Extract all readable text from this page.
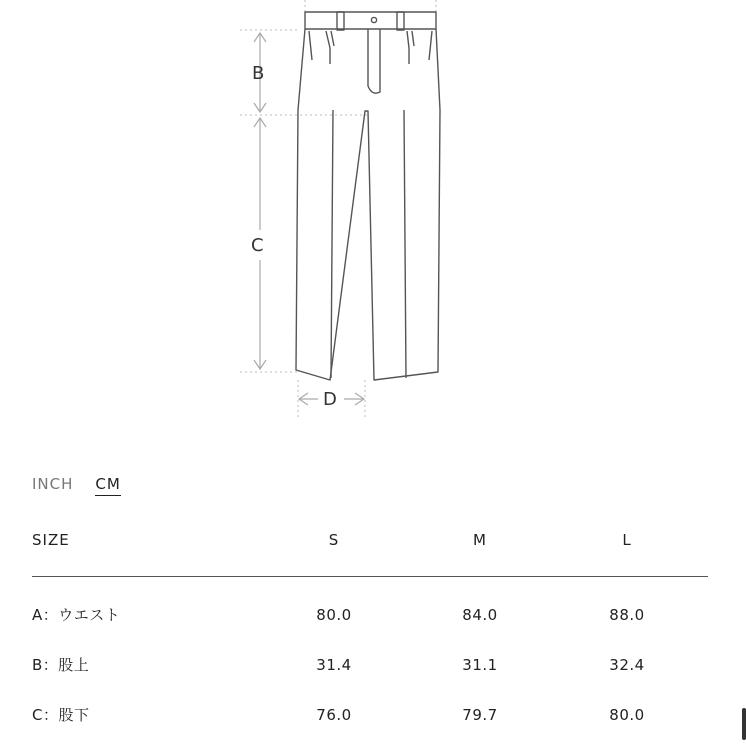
B
C
D
INCH CM
SIZE	S	M	L
A：ウエスト	80.0	84.0	88.0
B：股上	31.4	31.1	32.4
C：股下	76.0	79.7	80.0
